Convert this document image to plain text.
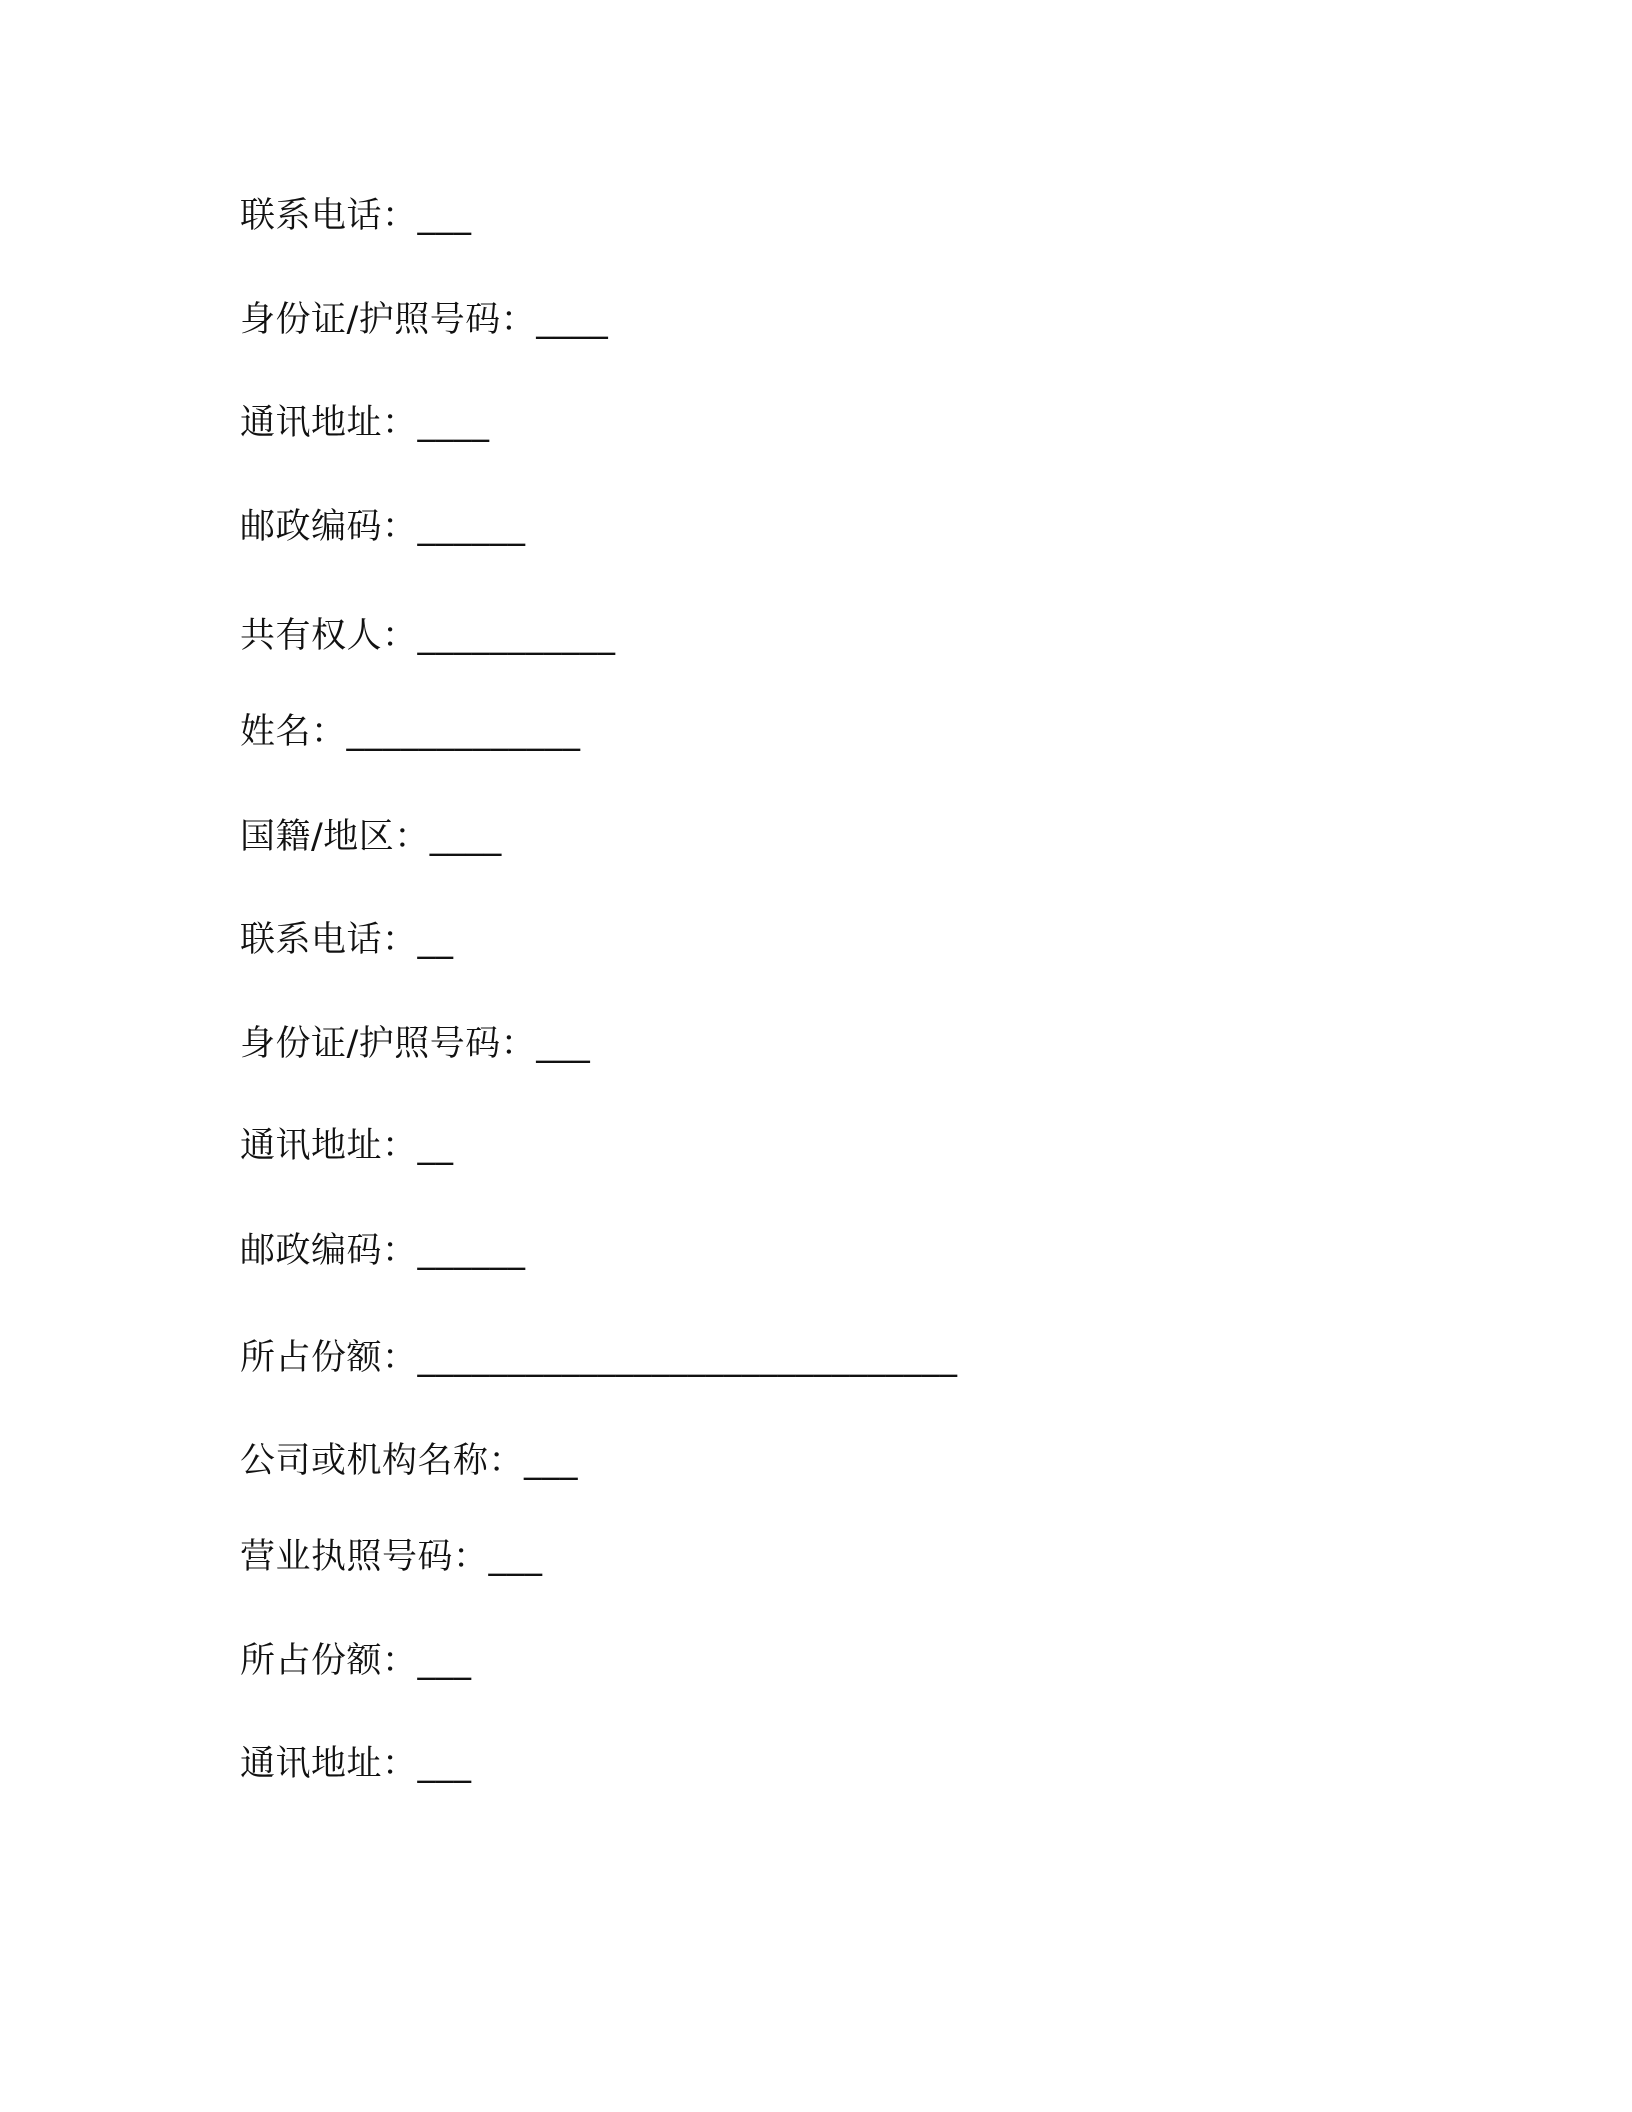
联系电话：___
身份证/护照号码：____
通讯地址：____
邮政编码：______
共有权人：___________
姓名：_____________
国籍/地区：____
联系电话：__
身份证/护照号码：___
通讯地址：__
邮政编码：______
所占份额：______________________________
公司或机构名称：___
营业执照号码：___
所占份额：___
通讯地址：___
